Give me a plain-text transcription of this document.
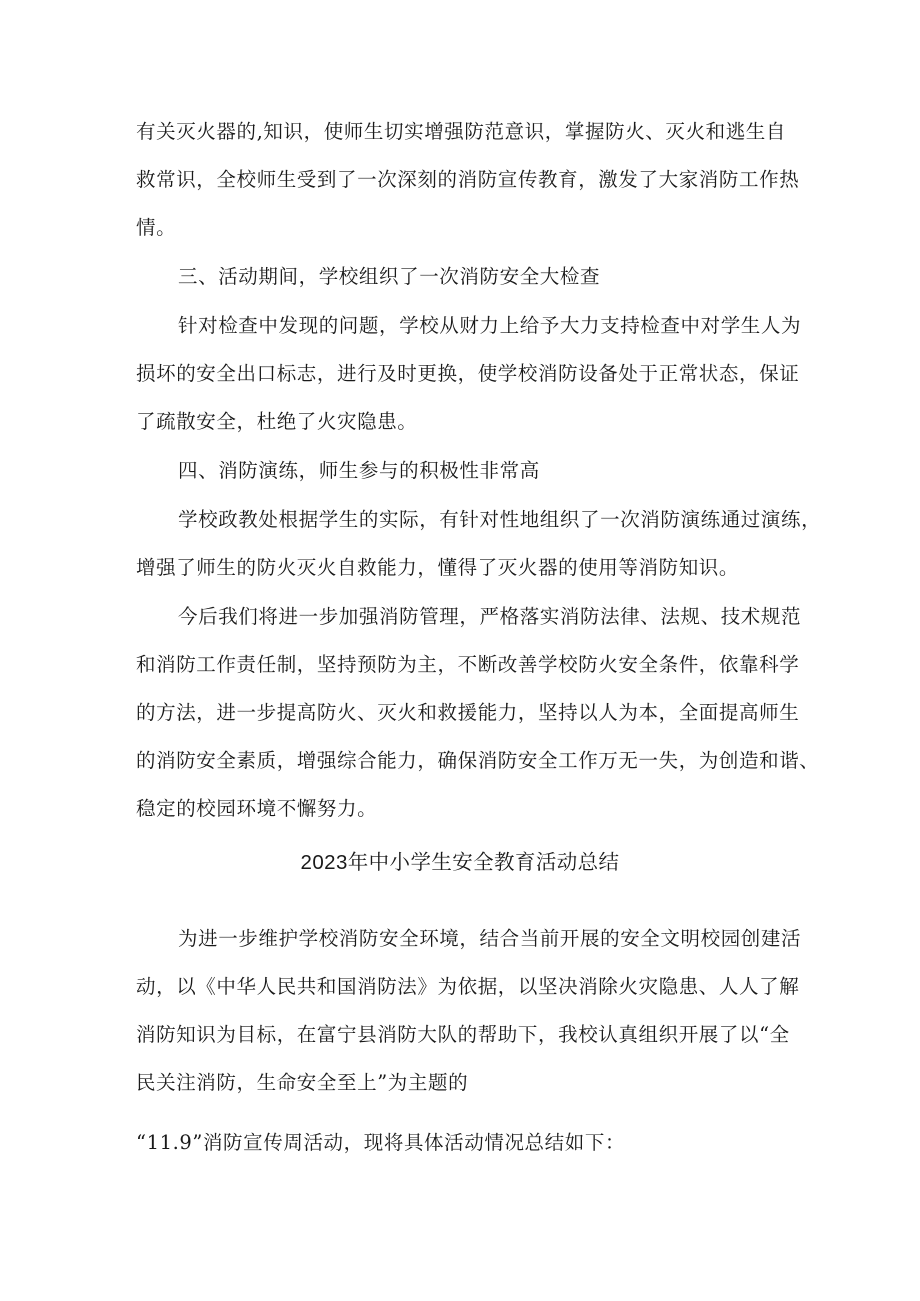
有关灭火器的,知识，使师生切实增强防范意识，掌握防火、灭火和逃生自
救常识，全校师生受到了一次深刻的消防宣传教育，激发了大家消防工作热
情。
三、活动期间，学校组织了一次消防安全大检查
针对检查中发现的问题，学校从财力上给予大力支持检查中对学生人为
损坏的安全出口标志，进行及时更换，使学校消防设备处于正常状态，保证
了疏散安全，杜绝了火灾隐患。
四、消防演练，师生参与的积极性非常高
学校政教处根据学生的实际，有针对性地组织了一次消防演练通过演练，
增强了师生的防火灭火自救能力，懂得了灭火器的使用等消防知识。
今后我们将进一步加强消防管理，严格落实消防法律、法规、技术规范
和消防工作责任制，坚持预防为主，不断改善学校防火安全条件，依靠科学
的方法，进一步提高防火、灭火和救援能力，坚持以人为本，全面提高师生
的消防安全素质，增强综合能力，确保消防安全工作万无一失，为创造和谐、
稳定的校园环境不懈努力。
2023年中小学生安全教育活动总结
为进一步维护学校消防安全环境，结合当前开展的安全文明校园创建活
动，以《中华人民共和国消防法》为依据，以坚决消除火灾隐患、人人了解
消防知识为目标，在富宁县消防大队的帮助下，我校认真组织开展了以“全
民关注消防，生命安全至上”为主题的
“11.9”消防宣传周活动，现将具体活动情况总结如下：
